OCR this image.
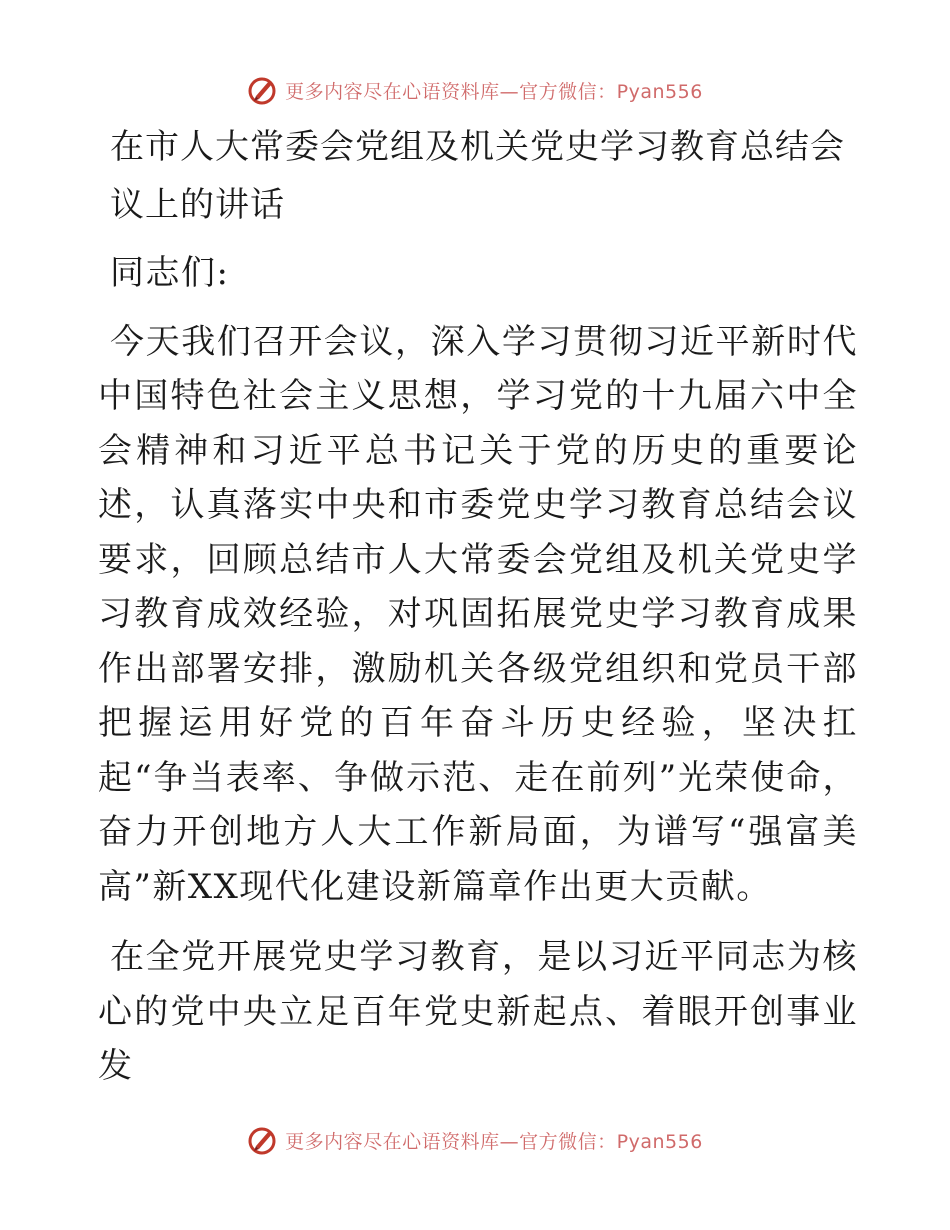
更多内容尽在心语资料库—官方微信：Pyan556
在市人大常委会党组及机关党史学习教育总结会议上的讲话

同志们:

今天我们召开会议，深入学习贯彻习近平新时代中国特色社会主义思想，学习党的十九届六中全会精神和习近平总书记关于党的历史的重要论述，认真落实中央和市委党史学习教育总结会议要求，回顾总结市人大常委会党组及机关党史学习教育成效经验，对巩固拓展党史学习教育成果作出部署安排，激励机关各级党组织和党员干部把握运用好党的百年奋斗历史经验，坚决扛起“争当表率、争做示范、走在前列”光荣使命，奋力开创地方人大工作新局面，为谱写“强富美高”新XX现代化建设新篇章作出更大贡献。

在全党开展党史学习教育，是以习近平同志为核心的党中央立足百年党史新起点、着眼开创事业发

更多内容尽在心语资料库—官方微信：Pyan556
